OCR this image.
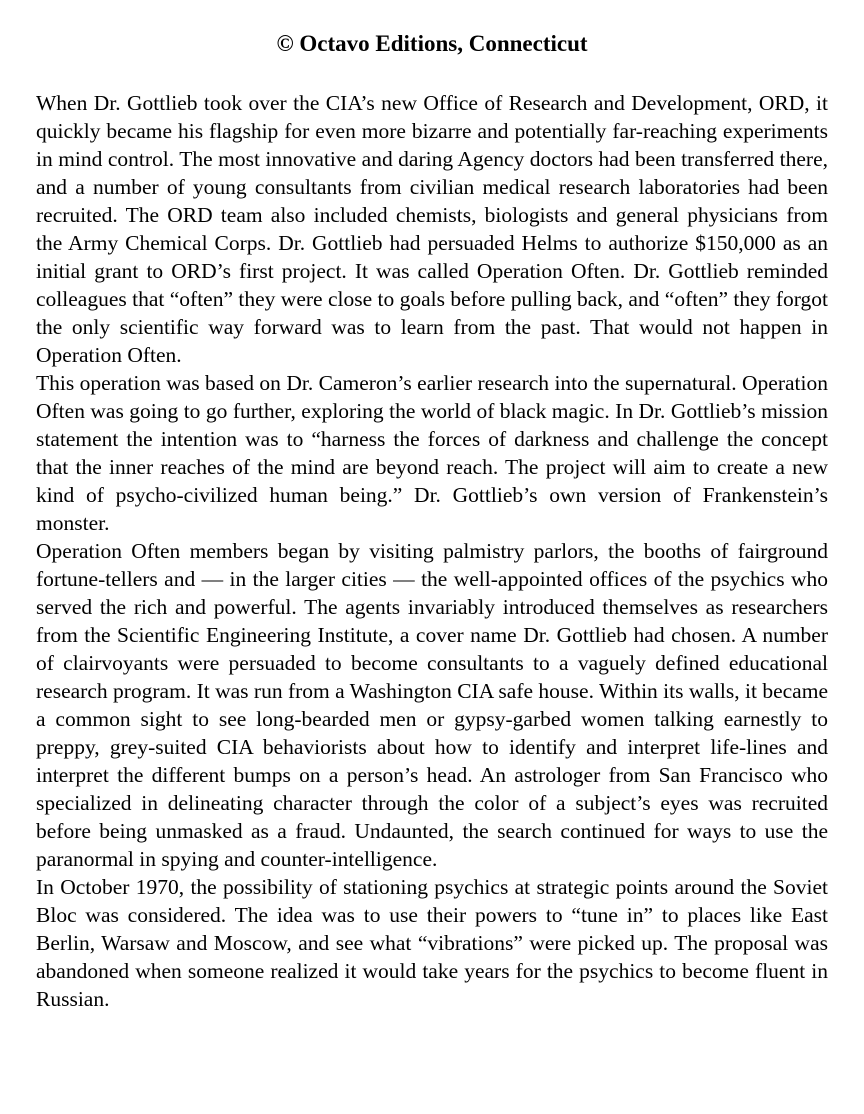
© Octavo Editions, Connecticut

When Dr. Gottlieb took over the CIA’s new Office of Research and Development, ORD, it quickly became his flagship for even more bizarre and potentially far-reaching experiments in mind control. The most innovative and daring Agency doctors had been transferred there, and a number of young consultants from civilian medical research laboratories had been recruited. The ORD team also included chemists, biologists and general physicians from the Army Chemical Corps. Dr. Gottlieb had persuaded Helms to authorize $150,000 as an initial grant to ORD’s first project. It was called Operation Often. Dr. Gottlieb reminded colleagues that “often” they were close to goals before pulling back, and “often” they forgot the only scientific way forward was to learn from the past. That would not happen in Operation Often.

This operation was based on Dr. Cameron’s earlier research into the supernatural. Operation Often was going to go further, exploring the world of black magic. In Dr. Gottlieb’s mission statement the intention was to “harness the forces of darkness and challenge the concept that the inner reaches of the mind are beyond reach. The project will aim to create a new kind of psycho-civilized human being.” Dr. Gottlieb’s own version of Frankenstein’s monster.

Operation Often members began by visiting palmistry parlors, the booths of fairground fortune-tellers and — in the larger cities — the well-appointed offices of the psychics who served the rich and powerful. The agents invariably introduced themselves as researchers from the Scientific Engineering Institute, a cover name Dr. Gottlieb had chosen. A number of clairvoyants were persuaded to become consultants to a vaguely defined educational research program. It was run from a Washington CIA safe house. Within its walls, it became a common sight to see long-bearded men or gypsy-garbed women talking earnestly to preppy, grey-suited CIA behaviorists about how to identify and interpret life-lines and interpret the different bumps on a person’s head. An astrologer from San Francisco who specialized in delineating character through the color of a subject’s eyes was recruited before being unmasked as a fraud. Undaunted, the search continued for ways to use the paranormal in spying and counter-intelligence.

In October 1970, the possibility of stationing psychics at strategic points around the Soviet Bloc was considered. The idea was to use their powers to “tune in” to places like East Berlin, Warsaw and Moscow, and see what “vibrations” were picked up. The proposal was abandoned when someone realized it would take years for the psychics to become fluent in Russian.
